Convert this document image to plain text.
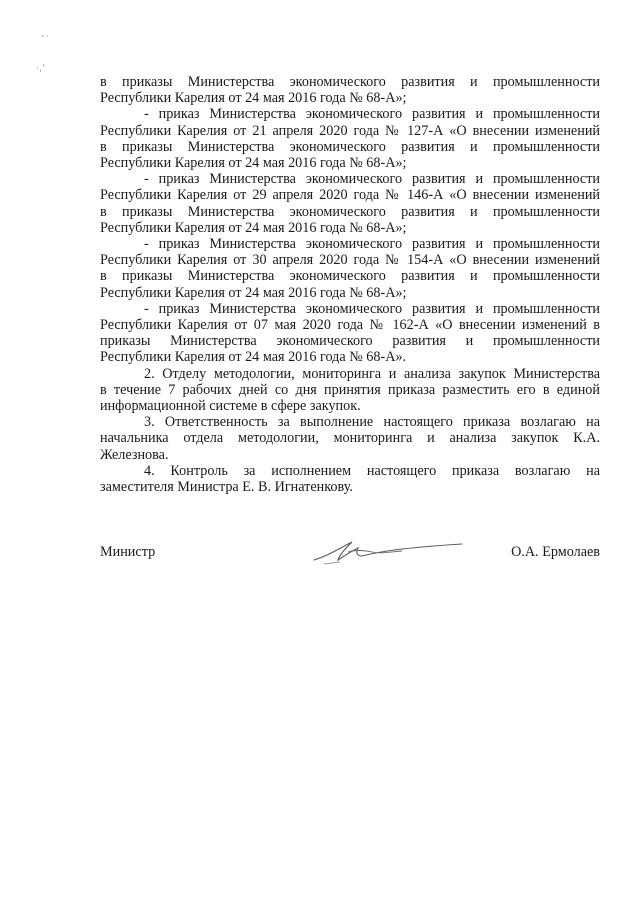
˘˙
·,'
в приказы Министерства экономического развития и промышленности
Республики Карелия от 24 мая 2016 года № 68-А»;
- приказ Министерства экономического развития и промышленности
Республики Карелия от 21 апреля 2020 года № 127-А «О внесении изменений
в приказы Министерства экономического развития и промышленности
Республики Карелия от 24 мая 2016 года № 68-А»;
- приказ Министерства экономического развития и промышленности
Республики Карелия от 29 апреля 2020 года № 146-А «О внесении изменений
в приказы Министерства экономического развития и промышленности
Республики Карелия от 24 мая 2016 года № 68-А»;
- приказ Министерства экономического развития и промышленности
Республики Карелия от 30 апреля 2020 года № 154-А «О внесении изменений
в приказы Министерства экономического развития и промышленности
Республики Карелия от 24 мая 2016 года № 68-А»;
- приказ Министерства экономического развития и промышленности
Республики Карелия от 07 мая 2020 года № 162-А «О внесении изменений в
приказы Министерства экономического развития и промышленности
Республики Карелия от 24 мая 2016 года № 68-А».
2. Отделу методологии, мониторинга и анализа закупок Министерства
в течение 7 рабочих дней со дня принятия приказа разместить его в единой
информационной системе в сфере закупок.
3. Ответственность за выполнение настоящего приказа возлагаю на
начальника отдела методологии, мониторинга и анализа закупок К.А.
Железнова.
4. Контроль за исполнением настоящего приказа возлагаю на
заместителя Министра Е. В. Игнатенкову.
Министр	О.А. Ермолаев
